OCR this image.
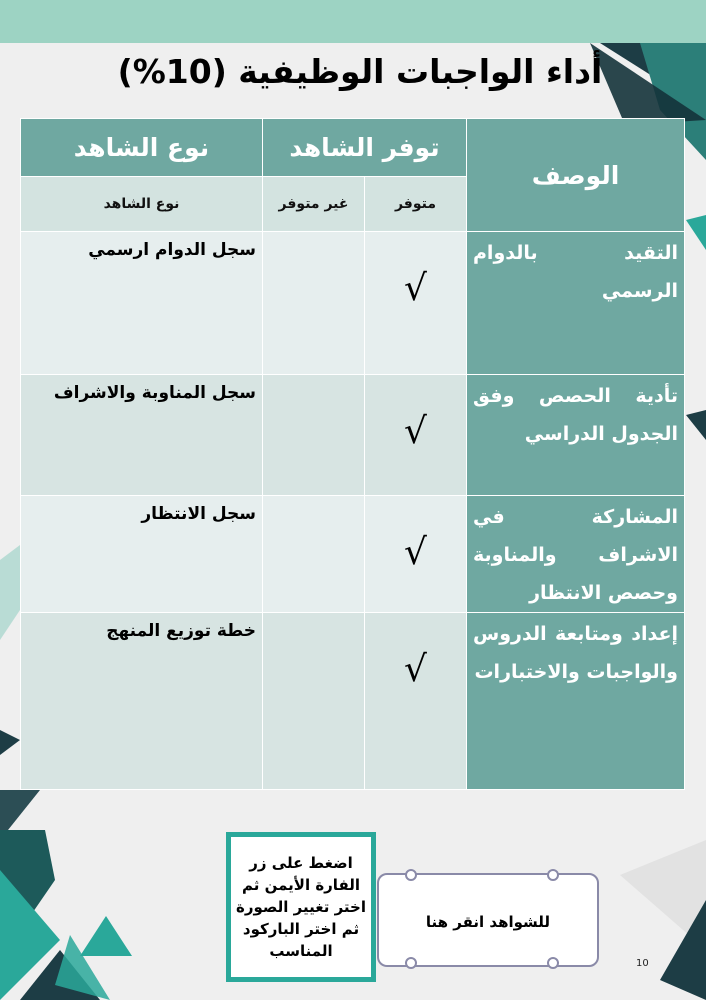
أداء الواجبات الوظيفية (10%)
الوصف	توفر الشاهد		نوع الشاهد
	متوفر	غير متوفر	نوع الشاهد
التقيد بالدوام الرسمي	√		سجل الدوام ارسمي
تأدية الحصص وفق الجدول الدراسي	√		سجل المناوبة والاشراف
المشاركة في الاشراف والمناوبة وحصص الانتظار	√		سجل الانتظار
إعداد ومتابعة الدروس والواجبات والاختبارات	√		خطة توزيع المنهج
اضغط على زر الفارة الأيمن ثم اختر تغيير الصورة ثم اختر الباركود المناسب
للشواهد انقر هنا
10
